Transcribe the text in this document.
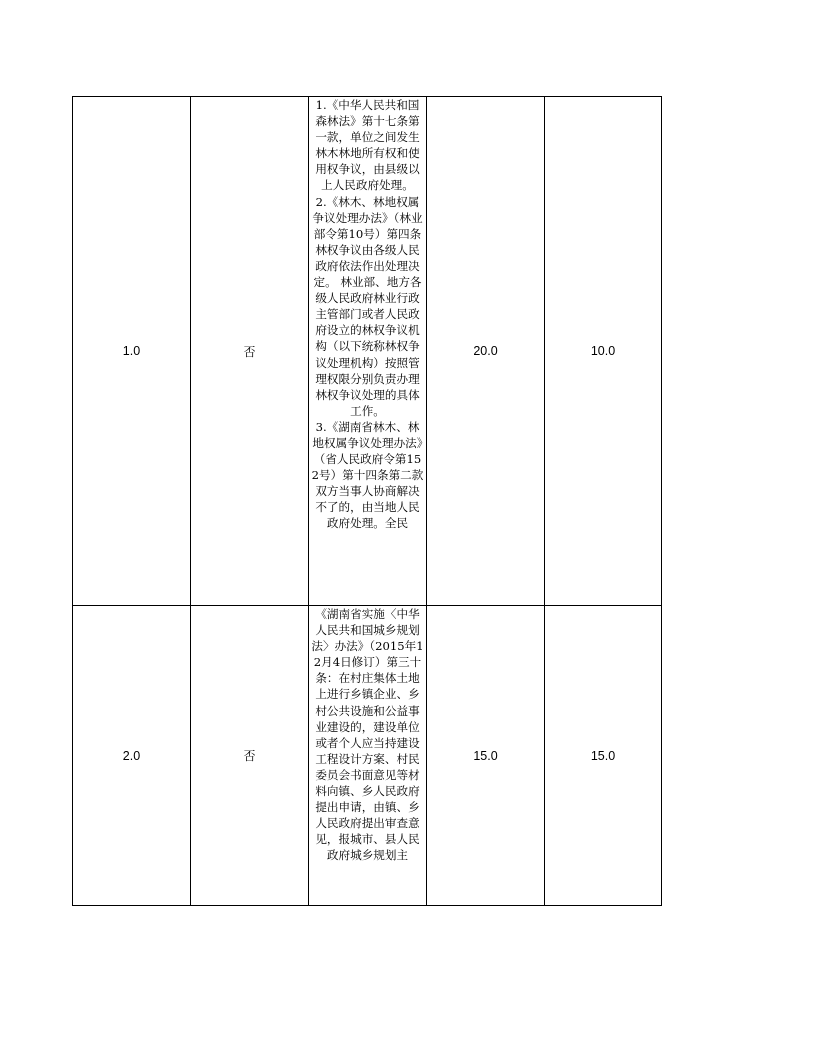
1.0	否	1.《中华人民共和国森林法》第十七条第一款，单位之间发生林木林地所有权和使用权争议，由县级以上人民政府处理。
2.《林木、林地权属争议处理办法》（林业部令第10号）第四条 林权争议由各级人民政府依法作出处理决定。 林业部、地方各级人民政府林业行政主管部门或者人民政府设立的林权争议机构（以下统称林权争议处理机构）按照管理权限分别负责办理林权争议处理的具体工作。
3.《湖南省林木、林地权属争议处理办法》（省人民政府令第152号）第十四条第二款　双方当事人协商解决不了的，由当地人民政府处理。全民	20.0	10.0
2.0	否	《湖南省实施〈中华人民共和国城乡规划法〉办法》（2015年12月4日修订）第三十条：在村庄集体土地上进行乡镇企业、乡村公共设施和公益事业建设的，建设单位或者个人应当持建设工程设计方案、村民委员会书面意见等材料向镇、乡人民政府提出申请，由镇、乡人民政府提出审查意见，报城市、县人民政府城乡规划主	15.0	15.0
